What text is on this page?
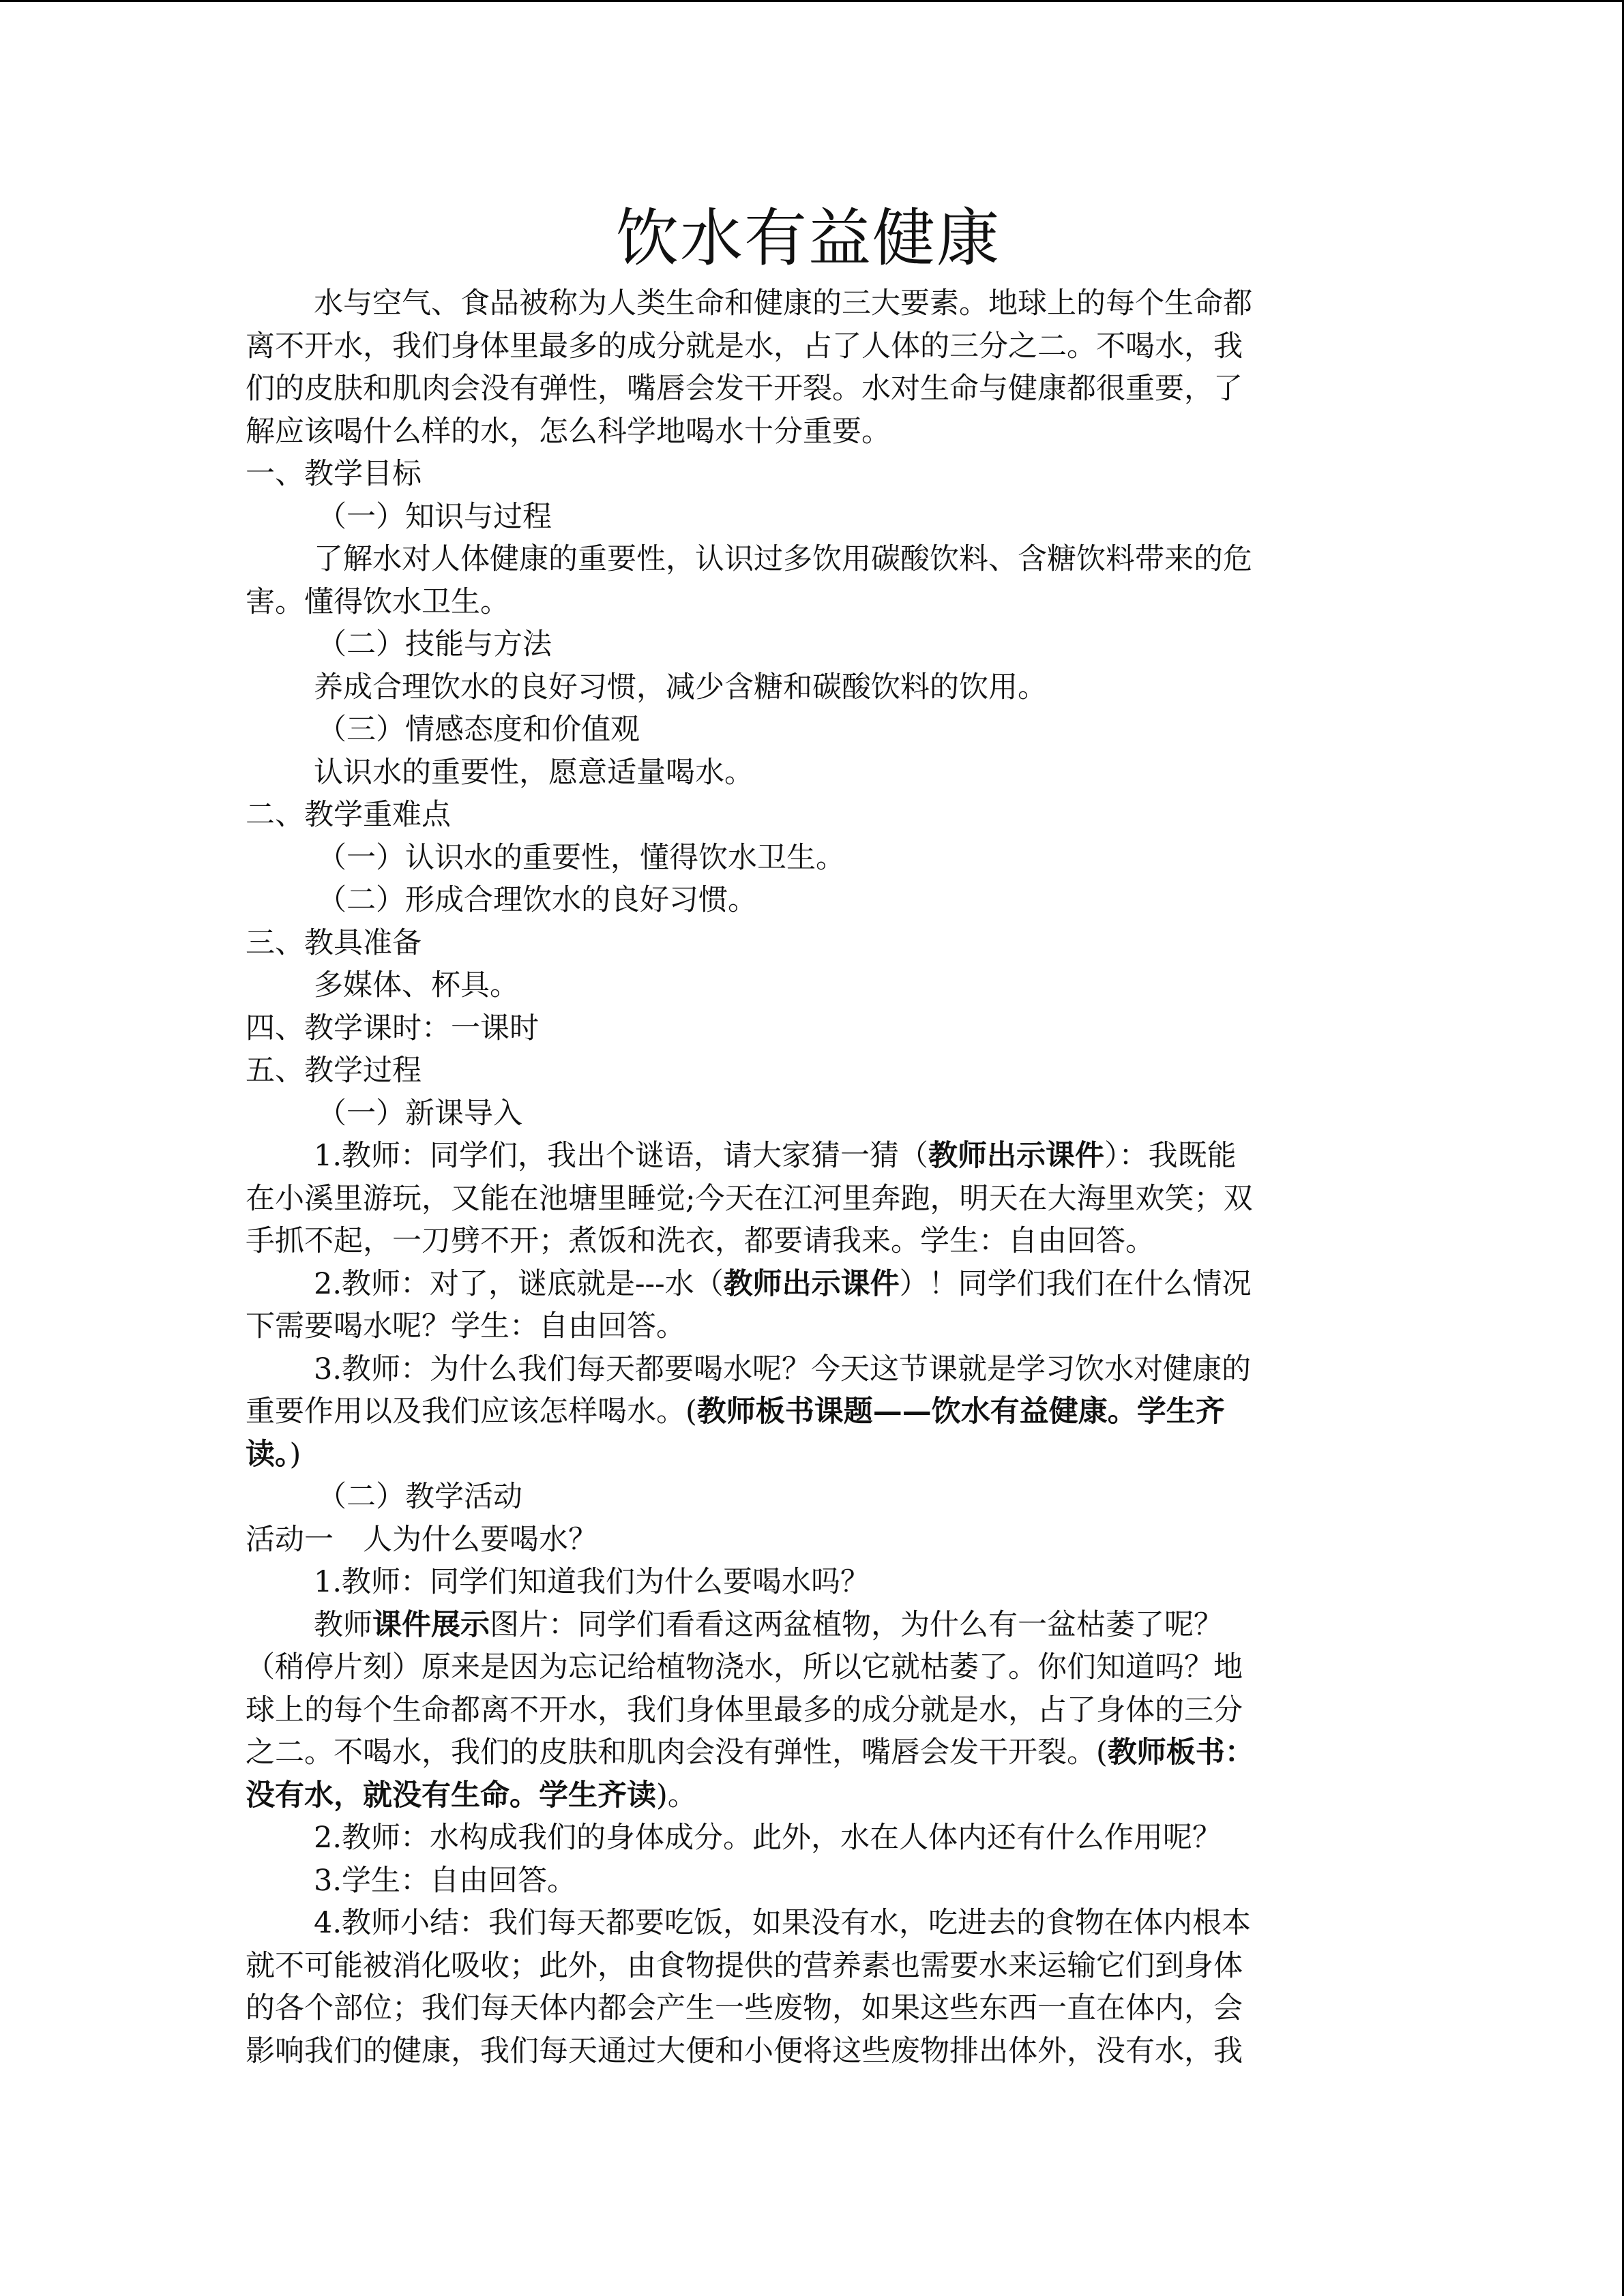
饮水有益健康
水与空气、食品被称为人类生命和健康的三大要素。地球上的每个生命都
离不开水，我们身体里最多的成分就是水，占了人体的三分之二。不喝水，我
们的皮肤和肌肉会没有弹性，嘴唇会发干开裂。水对生命与健康都很重要，了
解应该喝什么样的水，怎么科学地喝水十分重要。
一、教学目标
（一）知识与过程
了解水对人体健康的重要性，认识过多饮用碳酸饮料、含糖饮料带来的危
害。懂得饮水卫生。
（二）技能与方法
养成合理饮水的良好习惯，减少含糖和碳酸饮料的饮用。
（三）情感态度和价值观
认识水的重要性，愿意适量喝水。
二、教学重难点
（一）认识水的重要性，懂得饮水卫生。
（二）形成合理饮水的良好习惯。
三、教具准备
多媒体、杯具。
四、教学课时：一课时
五、教学过程
（一）新课导入
1.教师：同学们，我出个谜语，请大家猜一猜（教师出示课件）：我既能
在小溪里游玩，又能在池塘里睡觉;今天在江河里奔跑，明天在大海里欢笑；双
手抓不起，一刀劈不开；煮饭和洗衣，都要请我来。学生：自由回答。
2.教师：对了，谜底就是---水（教师出示课件）！同学们我们在什么情况
下需要喝水呢？学生：自由回答。
3.教师：为什么我们每天都要喝水呢？今天这节课就是学习饮水对健康的
重要作用以及我们应该怎样喝水。(教师板书课题——饮水有益健康。学生齐
读。)
（二）教学活动
活动一　人为什么要喝水？
1.教师：同学们知道我们为什么要喝水吗？
教师课件展示图片：同学们看看这两盆植物，为什么有一盆枯萎了呢？
（稍停片刻）原来是因为忘记给植物浇水，所以它就枯萎了。你们知道吗？地
球上的每个生命都离不开水，我们身体里最多的成分就是水，占了身体的三分
之二。不喝水，我们的皮肤和肌肉会没有弹性，嘴唇会发干开裂。(教师板书：
没有水，就没有生命。学生齐读)。
2.教师：水构成我们的身体成分。此外，水在人体内还有什么作用呢？
3.学生：自由回答。
4.教师小结：我们每天都要吃饭，如果没有水，吃进去的食物在体内根本
就不可能被消化吸收；此外，由食物提供的营养素也需要水来运输它们到身体
的各个部位；我们每天体内都会产生一些废物，如果这些东西一直在体内，会
影响我们的健康，我们每天通过大便和小便将这些废物排出体外，没有水，我
